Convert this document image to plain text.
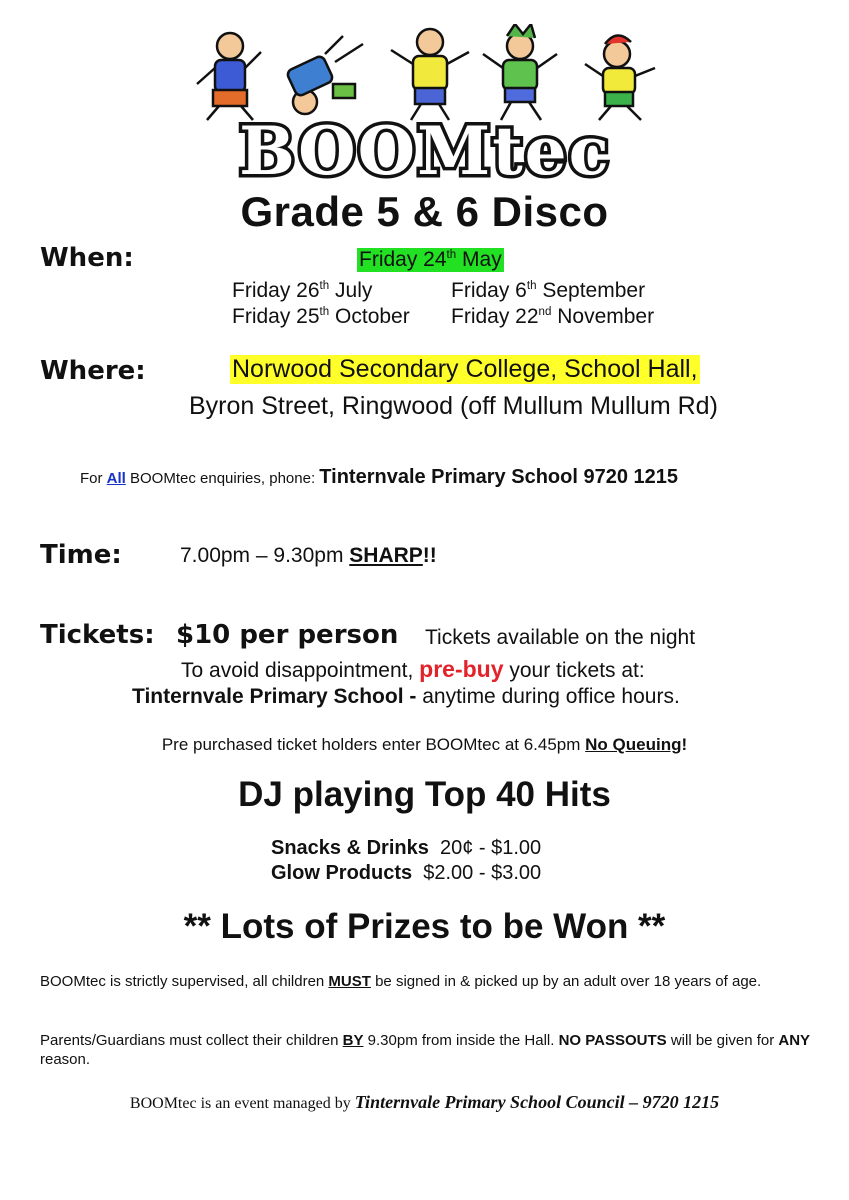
BOOMtec
Grade 5 & 6 Disco
When:	Friday 24th May
Friday 26th July	Friday 6th September
Friday 25th October Friday 22nd November
Where:	Norwood Secondary College, School Hall,
Byron Street, Ringwood (off Mullum Mullum Rd)
For All BOOMtec enquiries, phone: Tinternvale Primary School 9720 1215
Time:	7.00pm – 9.30pm SHARP!!
Tickets: $10 per person Tickets available on the night
To avoid disappointment, pre-buy your tickets at:
Tinternvale Primary School - anytime during office hours.
Pre purchased ticket holders enter BOOMtec at 6.45pm No Queuing!
DJ playing Top 40 Hits
Snacks & Drinks 20¢ - $1.00
Glow Products $2.00 - $3.00
** Lots of Prizes to be Won **
BOOMtec is strictly supervised, all children MUST be signed in & picked up by an adult over 18 years of age.
Parents/Guardians must collect their children BY 9.30pm from inside the Hall. NO PASSOUTS will be given for ANY reason.
BOOMtec is an event managed by Tinternvale Primary School Council – 9720 1215
